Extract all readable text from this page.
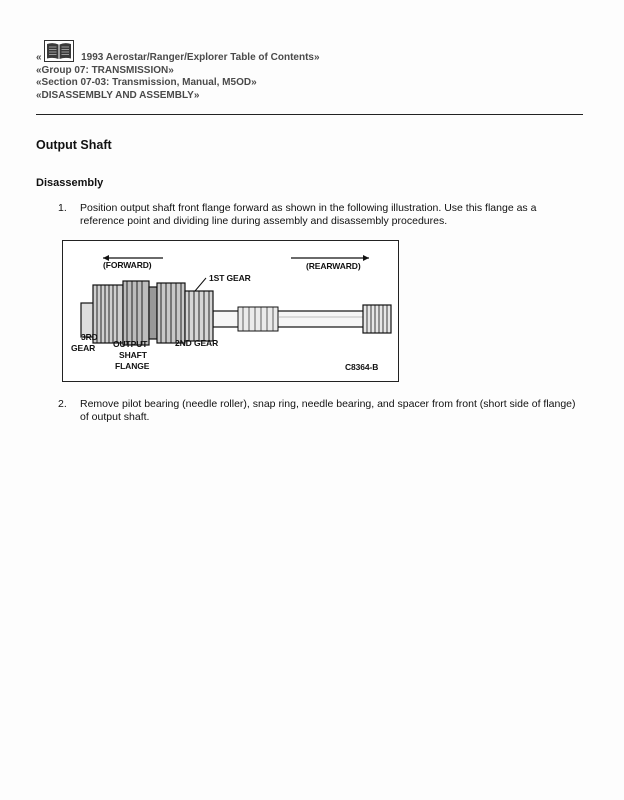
«	1993 Aerostar/Ranger/Explorer Table of Contents»
«Group 07: TRANSMISSION»
«Section 07-03: Transmission, Manual, M5OD»
«DISASSEMBLY AND ASSEMBLY»
Output Shaft
Disassembly
1. Position output shaft front flange forward as shown in the following illustration. Use this flange as a reference point and dividing line during assembly and disassembly procedures.
(FORWARD)	(REARWARD)
1ST GEAR
3RD
GEAR OUTPUT
SHAFT
FLANGE
2ND GEAR
C8364-B
2. Remove pilot bearing (needle roller), snap ring, needle bearing, and spacer from front (short side of flange) of output shaft.
